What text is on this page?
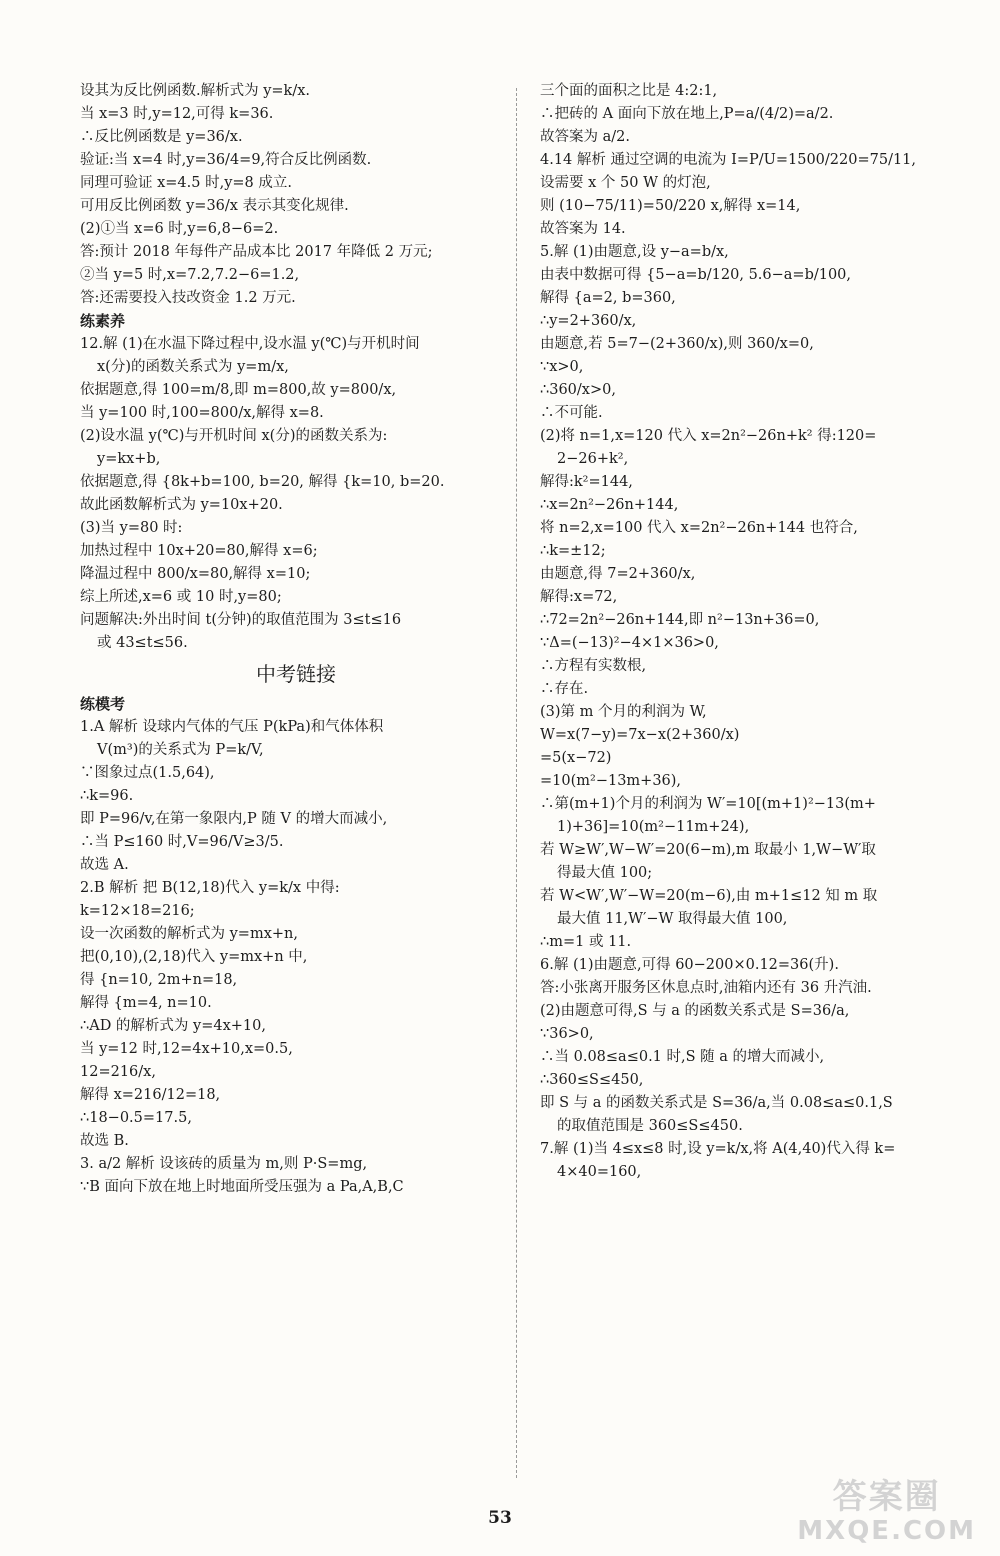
设其为反比例函数.解析式为 y=k/x.

当 x=3 时,y=12,可得 k=36.

∴反比例函数是 y=36/x.

验证:当 x=4 时,y=36/4=9,符合反比例函数.

同理可验证 x=4.5 时,y=8 成立.

可用反比例函数 y=36/x 表示其变化规律.

(2)①当 x=6 时,y=6,8−6=2.

答:预计 2018 年每件产品成本比 2017 年降低 2 万元;

②当 y=5 时,x=7.2,7.2−6=1.2,

答:还需要投入技改资金 1.2 万元.

练素养

12.解 (1)在水温下降过程中,设水温 y(℃)与开机时间

x(分)的函数关系式为 y=m/x,

依据题意,得 100=m/8,即 m=800,故 y=800/x,

当 y=100 时,100=800/x,解得 x=8.

(2)设水温 y(℃)与开机时间 x(分)的函数关系为:

y=kx+b,

依据题意,得 {8k+b=100, b=20, 解得 {k=10, b=20.

故此函数解析式为 y=10x+20.

(3)当 y=80 时:

加热过程中 10x+20=80,解得 x=6;

降温过程中 800/x=80,解得 x=10;

综上所述,x=6 或 10 时,y=80;

问题解决:外出时间 t(分钟)的取值范围为 3≤t≤16

或 43≤t≤56.

中考链接

练模考

1.A 解析 设球内气体的气压 P(kPa)和气体体积

V(m³)的关系式为 P=k/V,

∵图象过点(1.5,64),

∴k=96.

即 P=96/v,在第一象限内,P 随 V 的增大而减小,

∴当 P≤160 时,V=96/V≥3/5.

故选 A.

2.B 解析 把 B(12,18)代入 y=k/x 中得:

k=12×18=216;

设一次函数的解析式为 y=mx+n,

把(0,10),(2,18)代入 y=mx+n 中,

得 {n=10, 2m+n=18,

解得 {m=4, n=10.

∴AD 的解析式为 y=4x+10,

当 y=12 时,12=4x+10,x=0.5,

12=216/x,

解得 x=216/12=18,

∴18−0.5=17.5,

故选 B.

3. a/2 解析 设该砖的质量为 m,则 P·S=mg,

∵B 面向下放在地上时地面所受压强为 a Pa,A,B,C

三个面的面积之比是 4:2:1,

∴把砖的 A 面向下放在地上,P=a/(4/2)=a/2.

故答案为 a/2.

4.14 解析 通过空调的电流为 I=P/U=1500/220=75/11,

设需要 x 个 50 W 的灯泡,

则 (10−75/11)=50/220 x,解得 x=14,

故答案为 14.

5.解 (1)由题意,设 y−a=b/x,

由表中数据可得 {5−a=b/120, 5.6−a=b/100,

解得 {a=2, b=360,

∴y=2+360/x,

由题意,若 5=7−(2+360/x),则 360/x=0,

∵x>0,

∴360/x>0,

∴不可能.

(2)将 n=1,x=120 代入 x=2n²−26n+k² 得:120=

2−26+k²,

解得:k²=144,

∴x=2n²−26n+144,

将 n=2,x=100 代入 x=2n²−26n+144 也符合,

∴k=±12;

由题意,得 7=2+360/x,

解得:x=72,

∴72=2n²−26n+144,即 n²−13n+36=0,

∵Δ=(−13)²−4×1×36>0,

∴方程有实数根,

∴存在.

(3)第 m 个月的利润为 W,

W=x(7−y)=7x−x(2+360/x)

=5(x−72)

=10(m²−13m+36),

∴第(m+1)个月的利润为 W′=10[(m+1)²−13(m+

1)+36]=10(m²−11m+24),

若 W≥W′,W−W′=20(6−m),m 取最小 1,W−W′取

得最大值 100;

若 W<W′,W′−W=20(m−6),由 m+1≤12 知 m 取

最大值 11,W′−W 取得最大值 100,

∴m=1 或 11.

6.解 (1)由题意,可得 60−200×0.12=36(升).

答:小张离开服务区休息点时,油箱内还有 36 升汽油.

(2)由题意可得,S 与 a 的函数关系式是 S=36/a,

∵36>0,

∴当 0.08≤a≤0.1 时,S 随 a 的增大而减小,

∴360≤S≤450,

即 S 与 a 的函数关系式是 S=36/a,当 0.08≤a≤0.1,S

的取值范围是 360≤S≤450.

7.解 (1)当 4≤x≤8 时,设 y=k/x,将 A(4,40)代入得 k=

4×40=160,

53
答案圈
MXQE.COM
